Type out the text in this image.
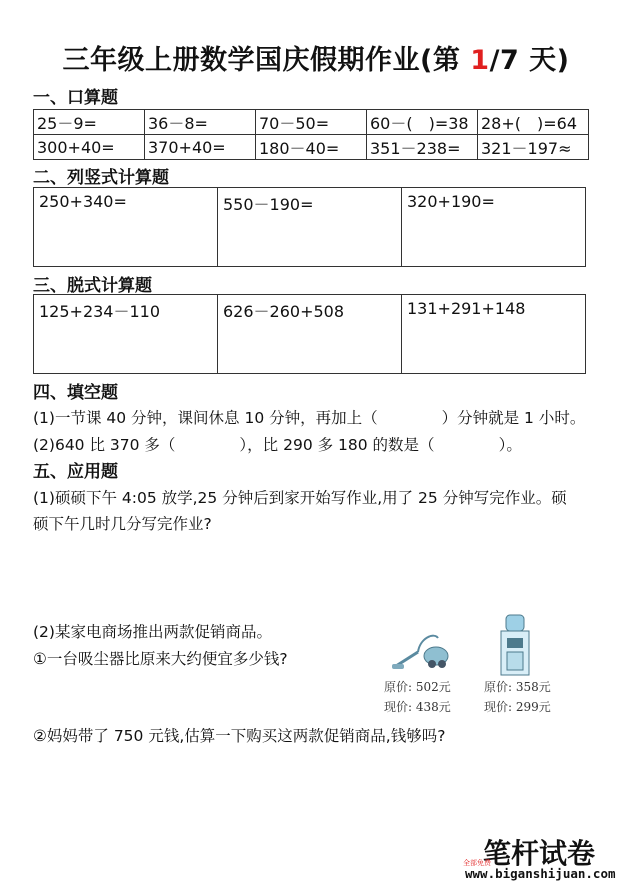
三年级上册数学国庆假期作业(第 1/7 天)
一、口算题
25－9=	36－8=	70－50=	60－(　)=38	28+(　)=64
300+40=	370+40=	180－40=	351－238=	321－197≈
二、列竖式计算题
250+340=	550－190=	320+190=
三、脱式计算题
125+234－110	626－260+508	131+291+148
四、填空题
(1)一节课 40 分钟，课间休息 10 分钟，再加上（	）分钟就是 1 小时。
(2)640 比 370 多（	），比 290 多 180 的数是（	）。
五、应用题
(1)硕硕下午 4:05 放学,25 分钟后到家开始写作业,用了 25 分钟写完作业。硕
硕下午几时几分写完作业?
(2)某家电商场推出两款促销商品。
①一台吸尘器比原来大约便宜多少钱?
原价: 502元
现价: 438元
原价: 358元
现价: 299元
②妈妈带了 750 元钱,估算一下购买这两款促销商品,钱够吗?
笔杆试卷
全部免费
www.biganshijuan.com
